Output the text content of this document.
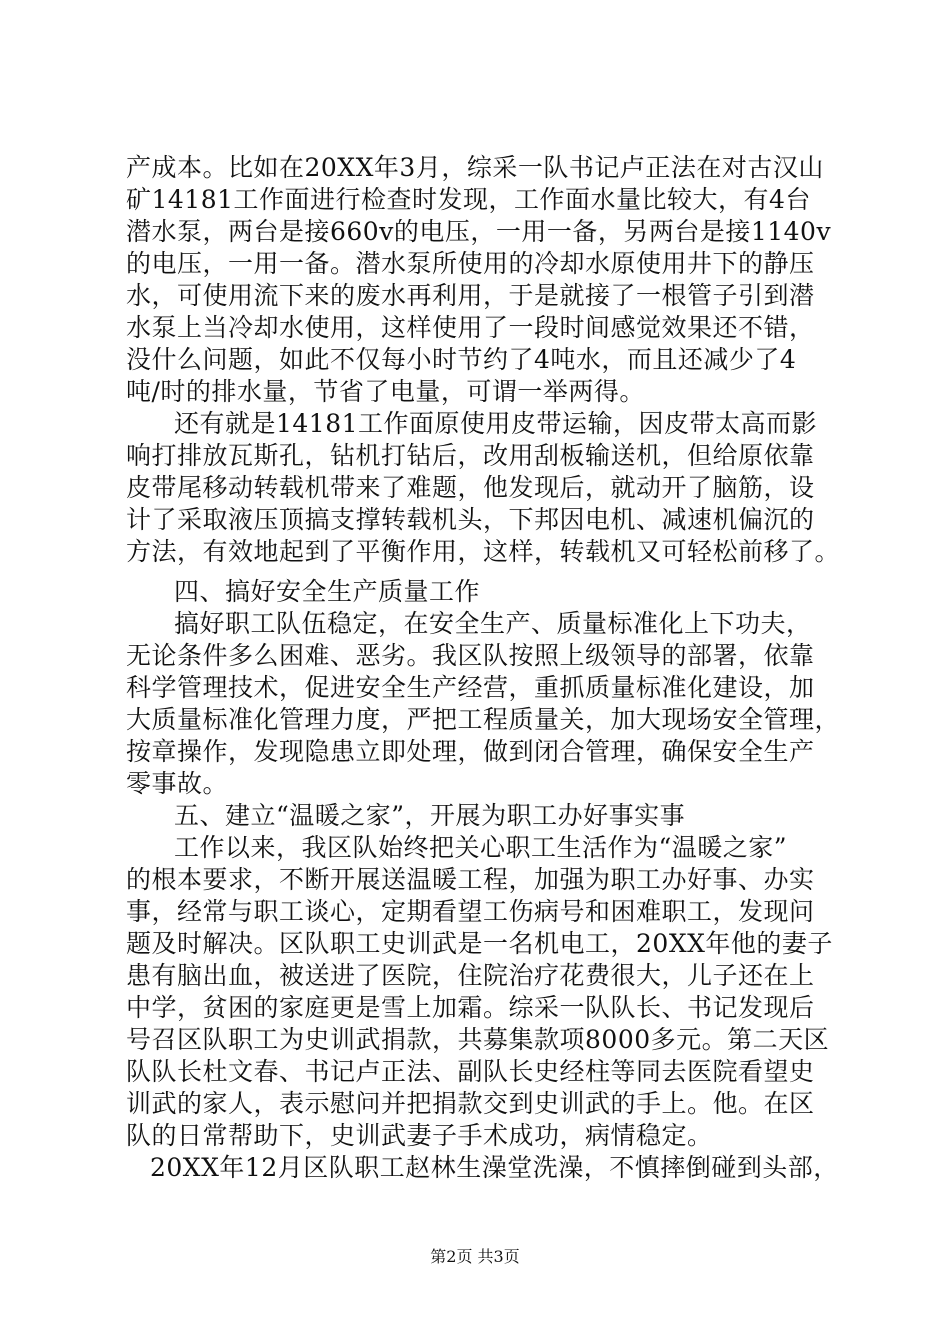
产成本。比如在20XX年3月，综采一队书记卢正法在对古汉山
矿14181工作面进行检查时发现，工作面水量比较大，有4台
潜水泵，两台是接660v的电压，一用一备，另两台是接1140v
的电压，一用一备。潜水泵所使用的冷却水原使用井下的静压
水，可使用流下来的废水再利用，于是就接了一根管子引到潜
水泵上当冷却水使用，这样使用了一段时间感觉效果还不错，
没什么问题，如此不仅每小时节约了4吨水，而且还减少了4
吨/时的排水量，节省了电量，可谓一举两得。
还有就是14181工作面原使用皮带运输，因皮带太高而影
响打排放瓦斯孔，钻机打钻后，改用刮板输送机，但给原依靠
皮带尾移动转载机带来了难题，他发现后，就动开了脑筋，设
计了采取液压顶搞支撑转载机头，下邦因电机、减速机偏沉的
方法，有效地起到了平衡作用，这样，转载机又可轻松前移了。
四、搞好安全生产质量工作
搞好职工队伍稳定，在安全生产、质量标准化上下功夫，
无论条件多么困难、恶劣。我区队按照上级领导的部署，依靠
科学管理技术，促进安全生产经营，重抓质量标准化建设，加
大质量标准化管理力度，严把工程质量关，加大现场安全管理，
按章操作，发现隐患立即处理，做到闭合管理，确保安全生产
零事故。
五、建立“温暖之家”，开展为职工办好事实事
工作以来，我区队始终把关心职工生活作为“温暖之家”
的根本要求，不断开展送温暖工程，加强为职工办好事、办实
事，经常与职工谈心，定期看望工伤病号和困难职工，发现问
题及时解决。区队职工史训武是一名机电工，20XX年他的妻子
患有脑出血，被送进了医院，住院治疗花费很大，儿子还在上
中学，贫困的家庭更是雪上加霜。综采一队队长、书记发现后
号召区队职工为史训武捐款，共募集款项8000多元。第二天区
队队长杜文春、书记卢正法、副队长史经柱等同去医院看望史
训武的家人，表示慰问并把捐款交到史训武的手上。他。在区
队的日常帮助下，史训武妻子手术成功，病情稳定。
20XX年12月区队职工赵林生澡堂洗澡，不慎摔倒碰到头部，
第2页 共3页
